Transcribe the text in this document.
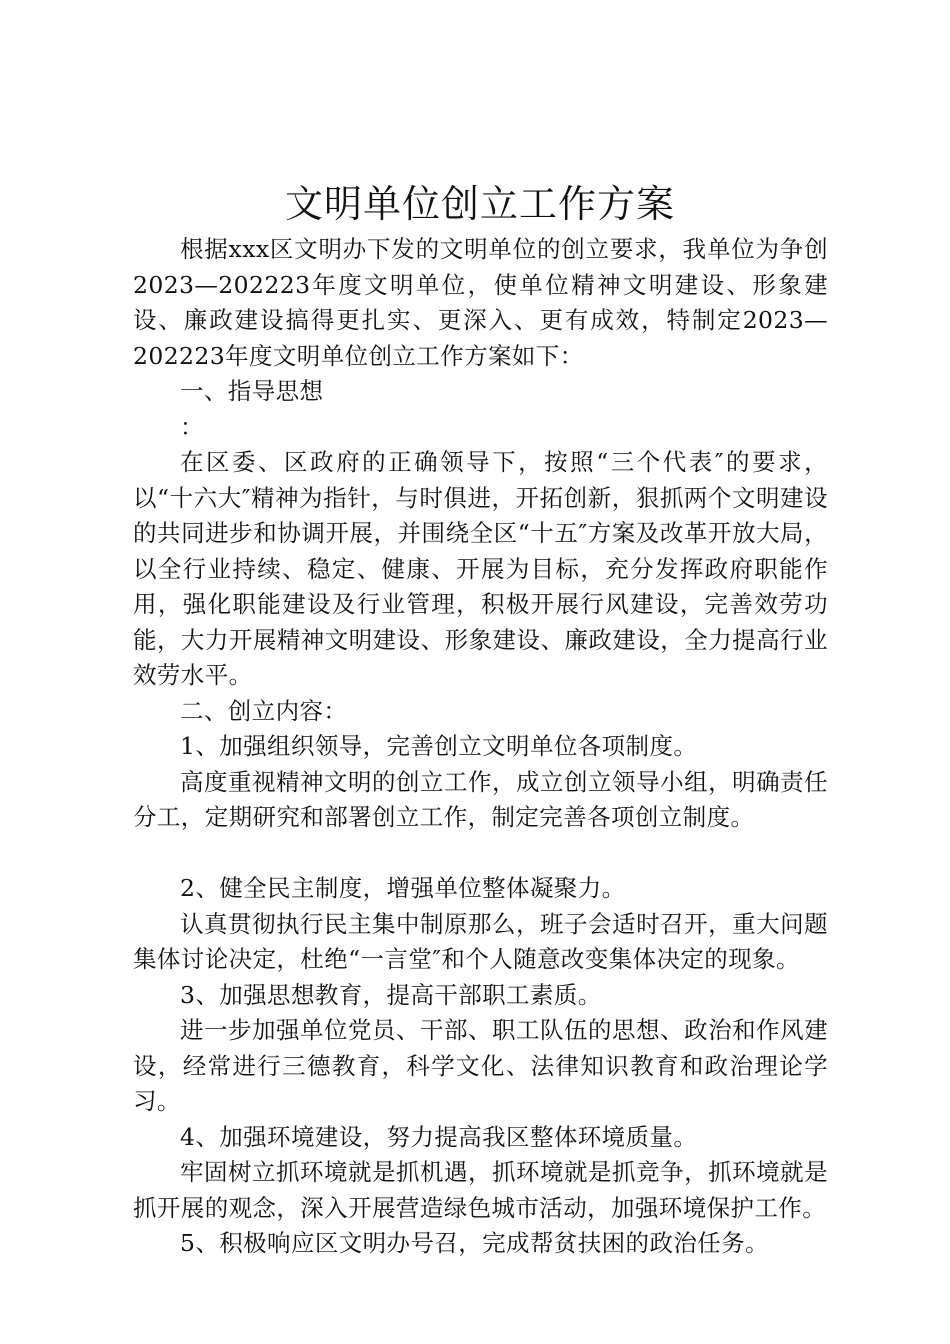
文明单位创立工作方案

根据xxx区文明办下发的文明单位的创立要求，我单位为争创2023—202223年度文明单位，使单位精神文明建设、形象建设、廉政建设搞得更扎实、更深入、更有成效，特制定2023—202223年度文明单位创立工作方案如下：

一、指导思想

：

在区委、区政府的正确领导下，按照“三个代表″的要求，以“十六大″精神为指针，与时俱进，开拓创新，狠抓两个文明建设的共同进步和协调开展，并围绕全区“十五″方案及改革开放大局，以全行业持续、稳定、健康、开展为目标，充分发挥政府职能作用，强化职能建设及行业管理，积极开展行风建设，完善效劳功能，大力开展精神文明建设、形象建设、廉政建设，全力提高行业效劳水平。

二、创立内容：

1、加强组织领导，完善创立文明单位各项制度。

高度重视精神文明的创立工作，成立创立领导小组，明确责任分工，定期研究和部署创立工作，制定完善各项创立制度。

2、健全民主制度，增强单位整体凝聚力。

认真贯彻执行民主集中制原那么，班子会适时召开，重大问题集体讨论决定，杜绝“一言堂″和个人随意改变集体决定的现象。

3、加强思想教育，提高干部职工素质。

进一步加强单位党员、干部、职工队伍的思想、政治和作风建设，经常进行三德教育，科学文化、法律知识教育和政治理论学习。

4、加强环境建设，努力提高我区整体环境质量。

牢固树立抓环境就是抓机遇，抓环境就是抓竞争，抓环境就是抓开展的观念，深入开展营造绿色城市活动，加强环境保护工作。

5、积极响应区文明办号召，完成帮贫扶困的政治任务。
